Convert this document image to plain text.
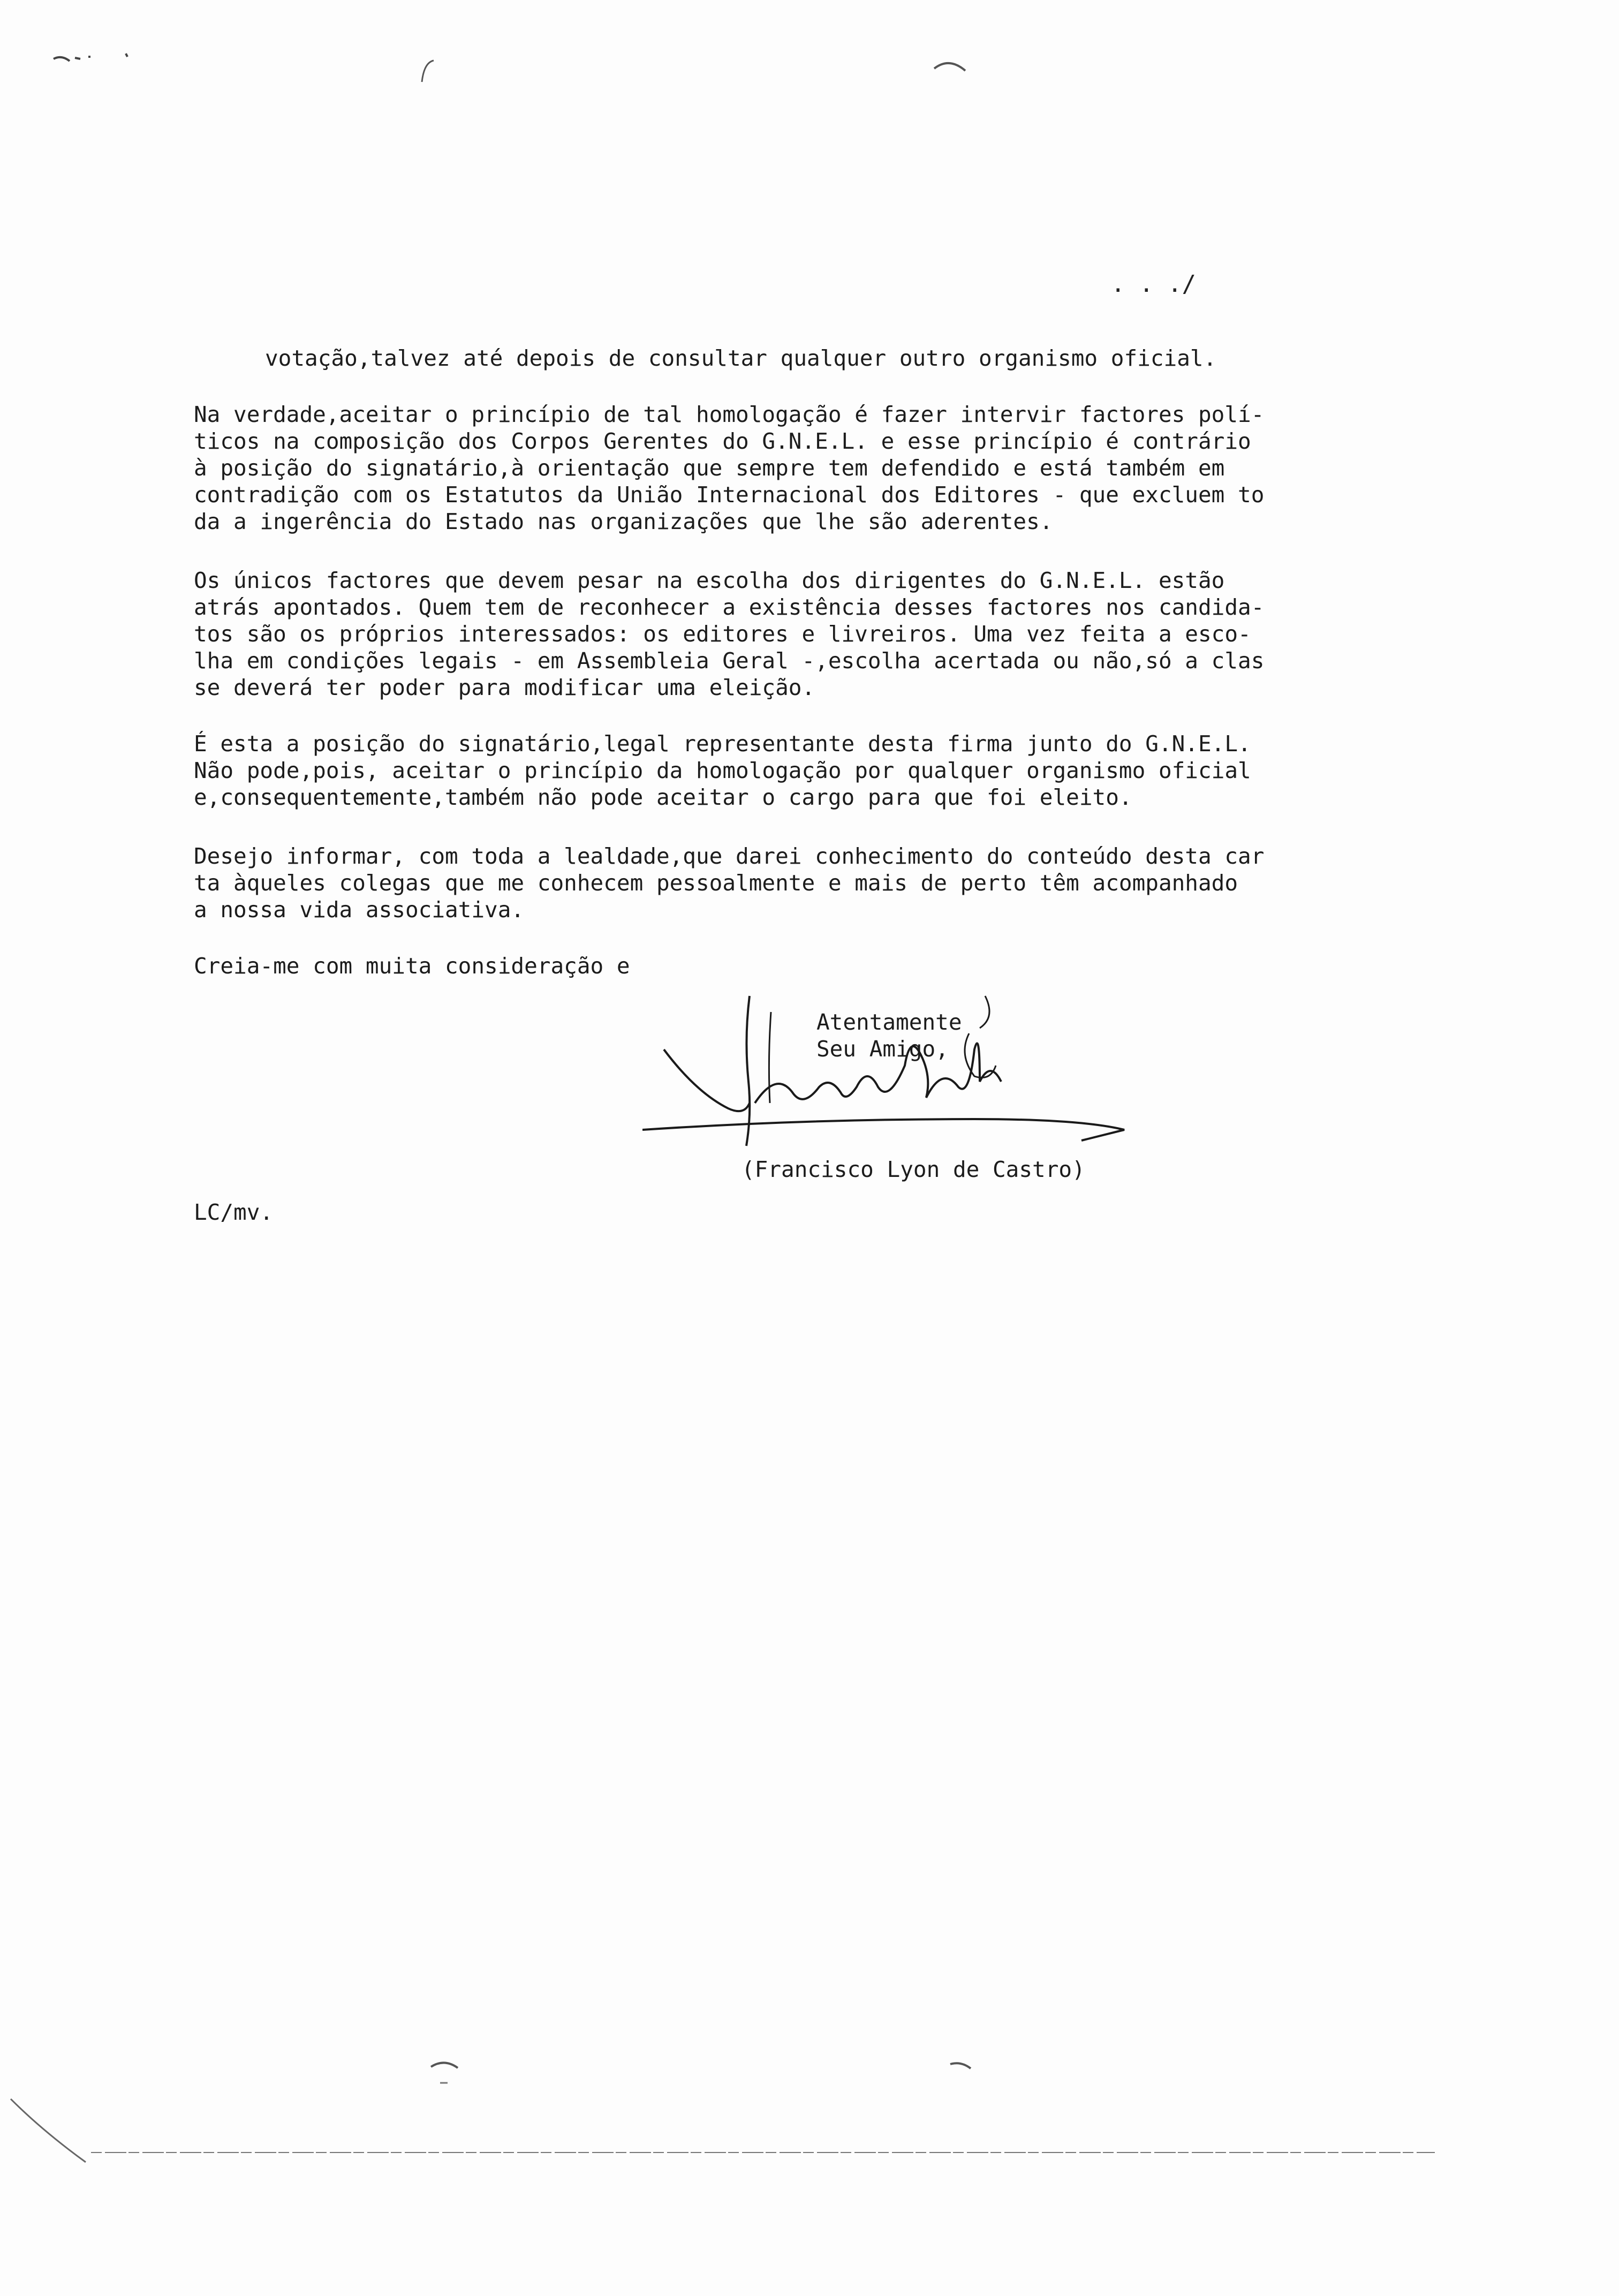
. . ./
votação,talvez até depois de consultar qualquer outro organismo oficial.
Na verdade,aceitar o princípio de tal homologação é fazer intervir factores polí-
ticos na composição dos Corpos Gerentes do G.N.E.L. e esse princípio é contrário
à posição do signatário,à orientação que sempre tem defendido e está também em
contradição com os Estatutos da União Internacional dos Editores - que excluem to
da a ingerência do Estado nas organizações que lhe são aderentes.
Os únicos factores que devem pesar na escolha dos dirigentes do G.N.E.L. estão
atrás apontados. Quem tem de reconhecer a existência desses factores nos candida-
tos são os próprios interessados: os editores e livreiros. Uma vez feita a esco-
lha em condições legais - em Assembleia Geral -,escolha acertada ou não,só a clas
se deverá ter poder para modificar uma eleição.
É esta a posição do signatário,legal representante desta firma junto do G.N.E.L.
Não pode,pois, aceitar o princípio da homologação por qualquer organismo oficial
e,consequentemente,também não pode aceitar o cargo para que foi eleito.
Desejo informar, com toda a lealdade,que darei conhecimento do conteúdo desta car
ta àqueles colegas que me conhecem pessoalmente e mais de perto têm acompanhado
a nossa vida associativa.
Creia-me com muita consideração e
Atentamente
Seu Amigo,
(Francisco Lyon de Castro)
LC/mv.
